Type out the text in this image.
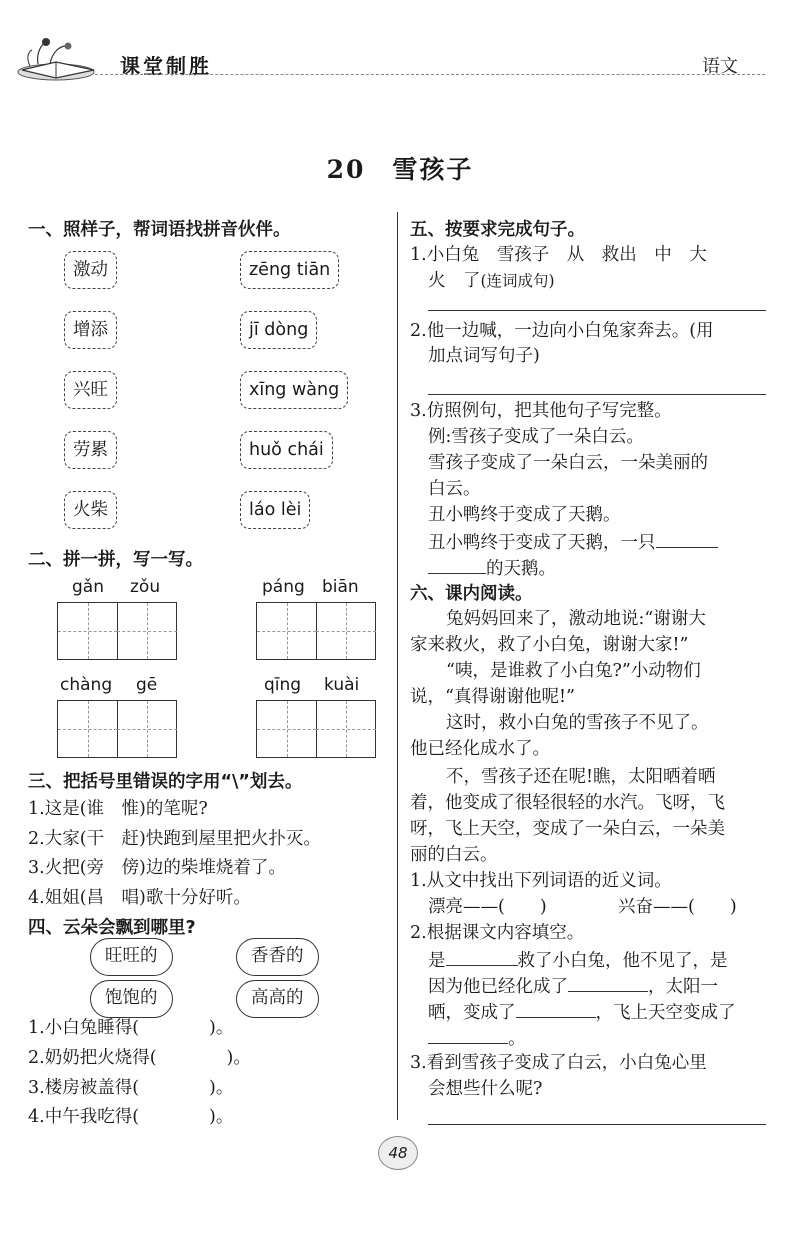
课堂制胜	语文
20　雪孩子
一、照样子，帮词语找拼音伙伴。
激动
增添
兴旺
劳累
火柴
zēng tiān
jī dòng
xīng wàng
huǒ chái
láo lèi
二、拼一拼，写一写。
gǎn zǒu	páng biān
chàng gē	qīng kuài
三、把括号里错误的字用“\”划去。
1.这是(谁　惟)的笔呢?
2.大家(干　赶)快跑到屋里把火扑灭。
3.火把(旁　傍)边的柴堆烧着了。
4.姐姐(昌　唱)歌十分好听。
四、云朵会飘到哪里?
旺旺的	香香的
饱饱的	高高的
1.小白兔睡得(　　　　)。
2.奶奶把火烧得(　　　　)。
3.楼房被盖得(　　　　)。
4.中午我吃得(　　　　)。
五、按要求完成句子。
1.小白兔　雪孩子　从　救出　中　大
火　了(连词成句)
2.他一边喊，一边向小白兔家奔去。(用
加点词写句子)
3.仿照例句，把其他句子写完整。
例:雪孩子变成了一朵白云。
雪孩子变成了一朵白云，一朵美丽的
白云。
丑小鸭终于变成了天鹅。
丑小鸭终于变成了天鹅，一只
的天鹅。
六、课内阅读。
兔妈妈回来了，激动地说:“谢谢大
家来救火，救了小白兔，谢谢大家!”
“咦，是谁救了小白兔?”小动物们
说，“真得谢谢他呢!”
这时，救小白兔的雪孩子不见了。
他已经化成水了。
不，雪孩子还在呢!瞧，太阳晒着晒
着，他变成了很轻很轻的水汽。飞呀，飞
呀，飞上天空，变成了一朵白云，一朵美
丽的白云。
1.从文中找出下列词语的近义词。
漂亮——(　　)	兴奋——(　　)
2.根据课文内容填空。
是	救了小白兔，他不见了，是
因为他已经化成了	，太阳一
晒，变成了	，飞上天空变成了
。
3.看到雪孩子变成了白云，小白兔心里
会想些什么呢?
48
